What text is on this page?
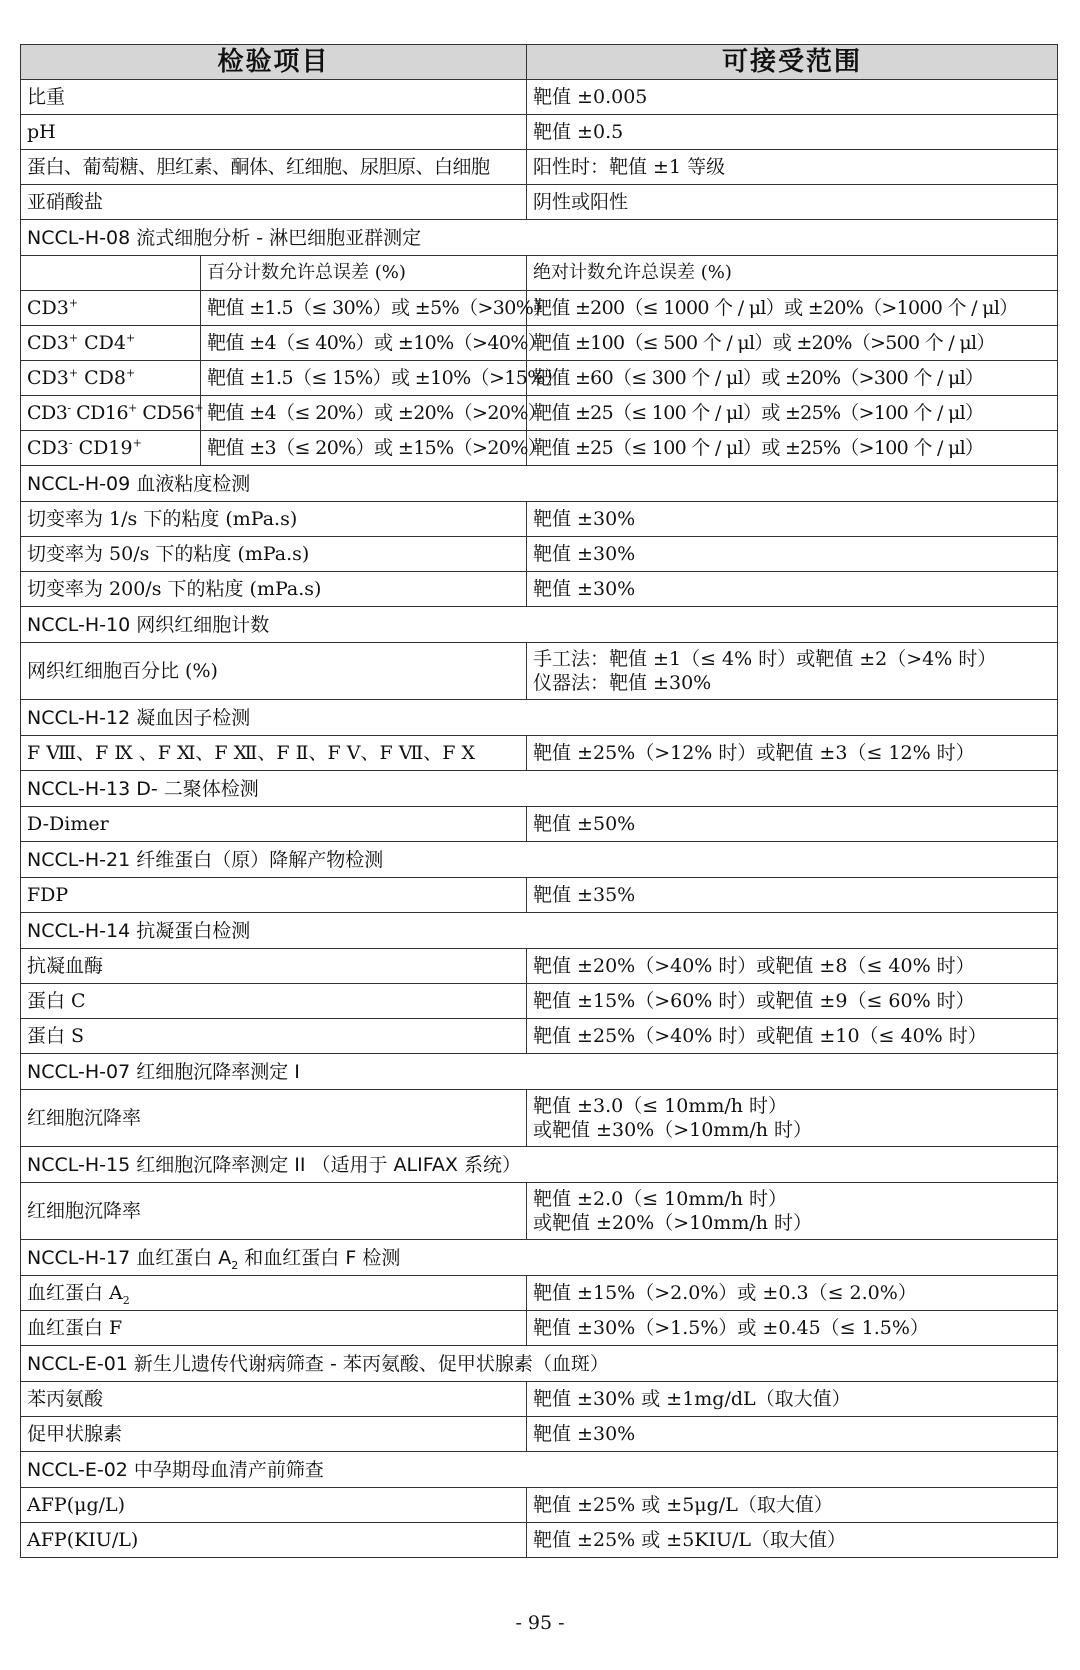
检验项目		可接受范围
比重		靶值 ±0.005
pH		靶值 ±0.5
蛋白、葡萄糖、胆红素、酮体、红细胞、尿胆原、白细胞		阳性时：靶值 ±1 等级
亚硝酸盐		阴性或阳性
NCCL-H-08 流式细胞分析 - 淋巴细胞亚群测定		
	百分计数允许总误差 (%)	绝对计数允许总误差 (%)
CD3+	靶值 ±1.5（≤ 30%）或 ±5%（>30%）	靶值 ±200（≤ 1000 个 / μl）或 ±20%（>1000 个 / μl）
CD3+ CD4+	靶值 ±4（≤ 40%）或 ±10%（>40%）	靶值 ±100（≤ 500 个 / μl）或 ±20%（>500 个 / μl）
CD3+ CD8+	靶值 ±1.5（≤ 15%）或 ±10%（>15%）	靶值 ±60（≤ 300 个 / μl）或 ±20%（>300 个 / μl）
CD3- CD16+ CD56+	靶值 ±4（≤ 20%）或 ±20%（>20%）	靶值 ±25（≤ 100 个 / μl）或 ±25%（>100 个 / μl）
CD3- CD19+	靶值 ±3（≤ 20%）或 ±15%（>20%）	靶值 ±25（≤ 100 个 / μl）或 ±25%（>100 个 / μl）
NCCL-H-09 血液粘度检测		
切变率为 1/s 下的粘度 (mPa.s)		靶值 ±30%
切变率为 50/s 下的粘度 (mPa.s)		靶值 ±30%
切变率为 200/s 下的粘度 (mPa.s)		靶值 ±30%
NCCL-H-10 网织红细胞计数		
网织红细胞百分比 (%)		手工法：靶值 ±1（≤ 4% 时）或靶值 ±2（>4% 时）
仪器法：靶值 ±30%

NCCL-H-12 凝血因子检测		
F Ⅷ、F Ⅸ 、F Ⅺ、F Ⅻ、F Ⅱ、F Ⅴ、F Ⅶ、F Ⅹ		靶值 ±25%（>12% 时）或靶值 ±3（≤ 12% 时）
NCCL-H-13 D- 二聚体检测		
D-Dimer		靶值 ±50%
NCCL-H-21 纤维蛋白（原）降解产物检测		
FDP		靶值 ±35%
NCCL-H-14 抗凝蛋白检测		
抗凝血酶		靶值 ±20%（>40% 时）或靶值 ±8（≤ 40% 时）
蛋白 C		靶值 ±15%（>60% 时）或靶值 ±9（≤ 60% 时）
蛋白 S		靶值 ±25%（>40% 时）或靶值 ±10（≤ 40% 时）
NCCL-H-07 红细胞沉降率测定 I		
红细胞沉降率		靶值 ±3.0（≤ 10mm/h 时）
或靶值 ±30%（>10mm/h 时）

NCCL-H-15 红细胞沉降率测定 II （适用于 ALIFAX 系统）		
红细胞沉降率		靶值 ±2.0（≤ 10mm/h 时）
或靶值 ±20%（>10mm/h 时）

NCCL-H-17 血红蛋白 $A_2$ 和血红蛋白 F 检测		
血红蛋白 $A_2$		靶值 ±15%（>2.0%）或 ±0.3（≤ 2.0%）
血红蛋白 F		靶值 ±30%（>1.5%）或 ±0.45（≤ 1.5%）
NCCL-E-01 新生儿遗传代谢病筛查 - 苯丙氨酸、促甲状腺素（血斑）		
苯丙氨酸		靶值 ±30% 或 ±1mg/dL（取大值）
促甲状腺素		靶值 ±30%
NCCL-E-02 中孕期母血清产前筛查		
AFP(μg/L)		靶值 ±25% 或 ±5μg/L（取大值）
AFP(KIU/L)		靶值 ±25% 或 ±5KIU/L（取大值）
- 95 -
